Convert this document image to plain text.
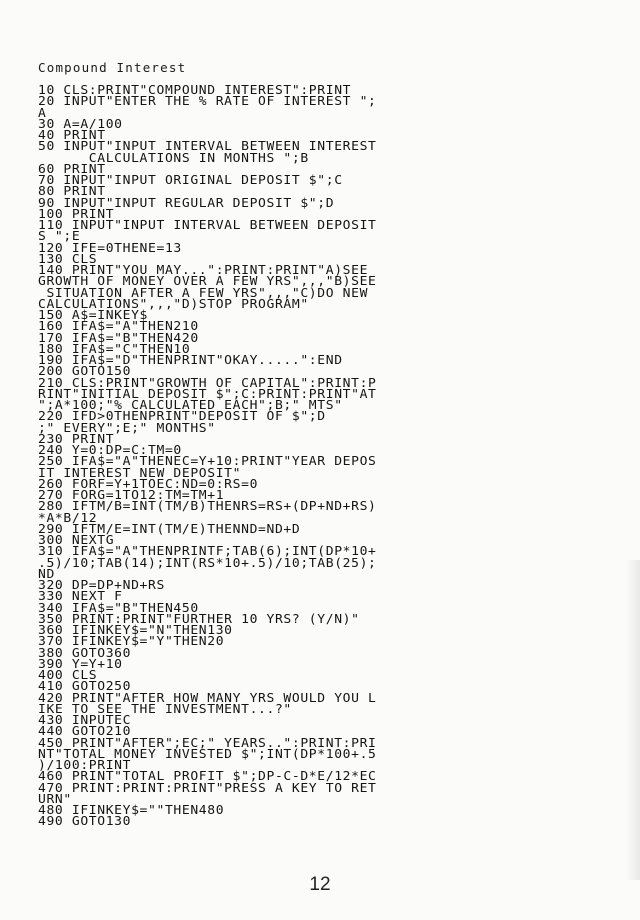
Compound Interest
10 CLS:PRINT"COMPOUND INTEREST":PRINT
20 INPUT"ENTER THE % RATE OF INTEREST ";
A
30 A=A/100
40 PRINT
50 INPUT"INPUT INTERVAL BETWEEN INTEREST
CALCULATIONS IN MONTHS ";B
60 PRINT
70 INPUT"INPUT ORIGINAL DEPOSIT $";C
80 PRINT
90 INPUT"INPUT REGULAR DEPOSIT $";D
100 PRINT
110 INPUT"INPUT INTERVAL BETWEEN DEPOSIT
S ";E
120 IFE=0THENE=13
130 CLS
140 PRINT"YOU MAY...":PRINT:PRINT"A)SEE
GROWTH OF MONEY OVER A FEW YRS",,,"B)SEE
SITUATION AFTER A FEW YRS",,,"C)DO NEW
CALCULATIONS",,,"D)STOP PROGRAM"
150 A$=INKEY$
160 IFA$="A"THEN210
170 IFA$="B"THEN420
180 IFA$="C"THEN10
190 IFA$="D"THENPRINT"OKAY.....":END
200 GOTO150
210 CLS:PRINT"GROWTH OF CAPITAL":PRINT:P
RINT"INITIAL DEPOSIT $";C:PRINT:PRINT"AT
";A*100;"% CALCULATED EACH";B;" MTS"
220 IFD>0THENPRINT"DEPOSIT OF $";D
;" EVERY";E;" MONTHS"
230 PRINT
240 Y=0:DP=C:TM=0
250 IFA$="A"THENEC=Y+10:PRINT"YEAR DEPOS
IT INTEREST NEW DEPOSIT"
260 FORF=Y+1TOEC:ND=0:RS=0
270 FORG=1TO12:TM=TM+1
280 IFTM/B=INT(TM/B)THENRS=RS+(DP+ND+RS)
*A*B/12
290 IFTM/E=INT(TM/E)THENND=ND+D
300 NEXTG
310 IFA$="A"THENPRINTF;TAB(6);INT(DP*10+
.5)/10;TAB(14);INT(RS*10+.5)/10;TAB(25);
ND
320 DP=DP+ND+RS
330 NEXT F
340 IFA$="B"THEN450
350 PRINT:PRINT"FURTHER 10 YRS? (Y/N)"
360 IFINKEY$="N"THEN130
370 IFINKEY$="Y"THEN20
380 GOTO360
390 Y=Y+10
400 CLS
410 GOTO250
420 PRINT"AFTER HOW MANY YRS WOULD YOU L
IKE TO SEE THE INVESTMENT...?"
430 INPUTEC
440 GOTO210
450 PRINT"AFTER";EC;" YEARS..":PRINT:PRI
NT"TOTAL MONEY INVESTED $";INT(DP*100+.5
)/100:PRINT
460 PRINT"TOTAL PROFIT $";DP-C-D*E/12*EC
470 PRINT:PRINT:PRINT"PRESS A KEY TO RET
URN"
480 IFINKEY$=""THEN480
490 GOTO130
12
